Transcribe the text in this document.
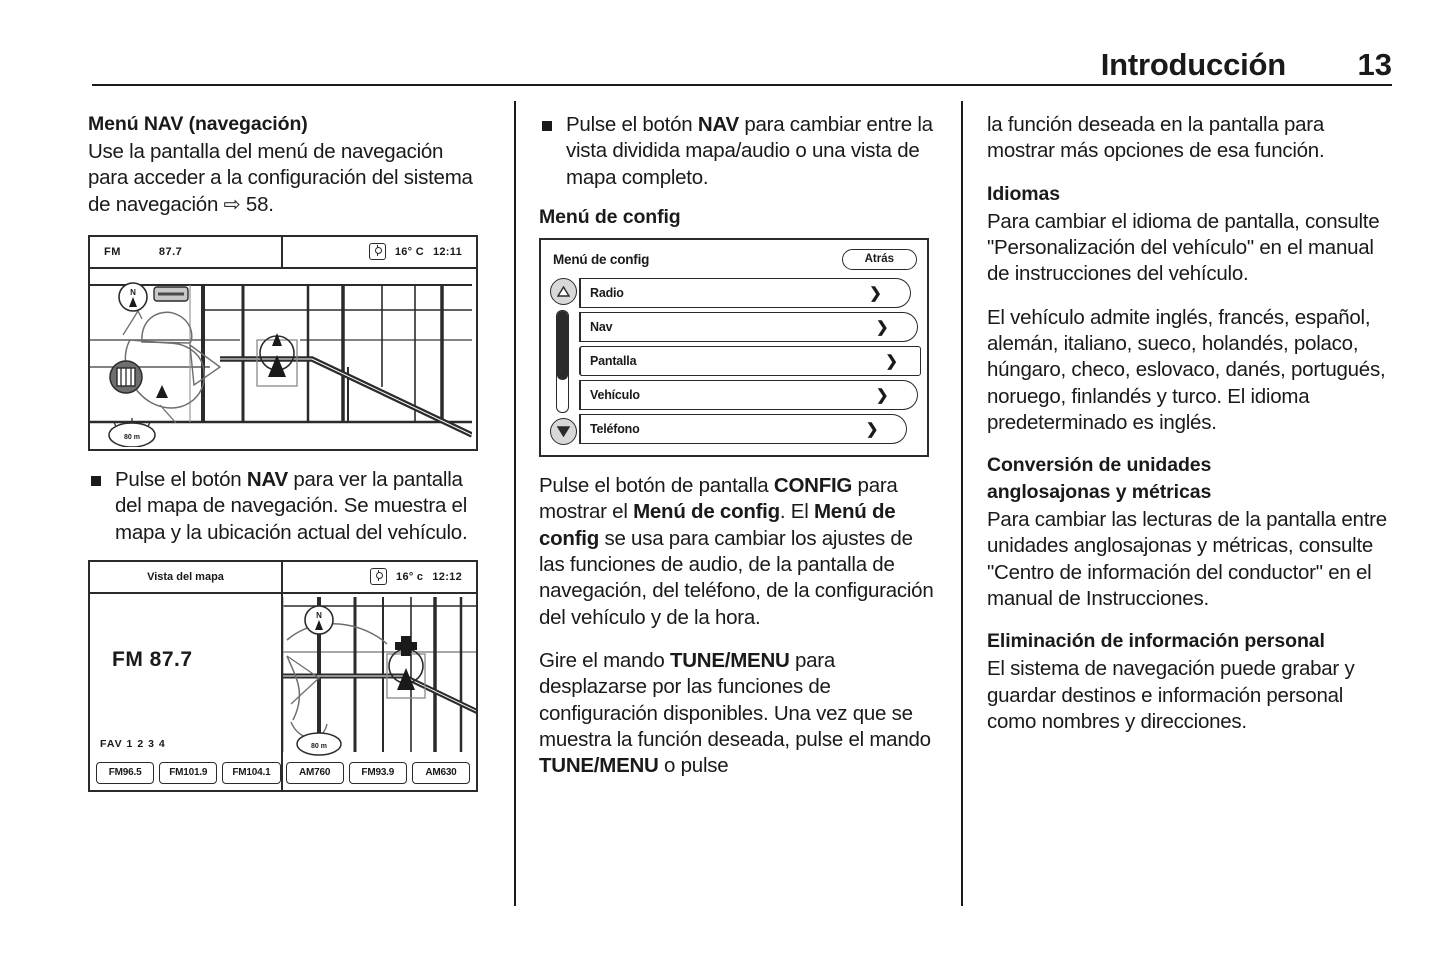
Introducción	13
Menú NAV (navegación)

Use la pantalla del menú de navegación para acceder a la configuración del sistema de navegación ⇨ 58.

FM	87.7	16° C 12:11
N
80 m
Pulse el botón NAV para ver la pantalla del mapa de navegación. Se muestra el mapa y la ubicación actual del vehículo.
Vista del mapa	16° c 12:12
FM 87.7
FAV 1 2 3 4
N
80 m
FM96.5	FM101.9	FM104.1	AM760	FM93.9	AM630
Pulse el botón NAV para cambiar entre la vista dividida mapa/audio o una vista de mapa completo.
Menú de config
Menú de config	Atrás
Radio	❯
Nav	❯
Pantalla	❯
Vehículo	❯
Teléfono	❯

Pulse el botón de pantalla CONFIG para mostrar el Menú de config. El Menú de config se usa para cambiar los ajustes de las funciones de audio, de la pantalla de navegación, del teléfono, de la configuración del vehículo y de la hora.

Gire el mando TUNE/MENU para desplazarse por las funciones de configuración disponibles. Una vez que se muestra la función deseada, pulse el mando TUNE/MENU o pulse

la función deseada en la pantalla para mostrar más opciones de esa función.

Idiomas

Para cambiar el idioma de pantalla, consulte "Personalización del vehículo" en el manual de instrucciones del vehículo.

El vehículo admite inglés, francés, español, alemán, italiano, sueco, holandés, polaco, húngaro, checo, eslovaco, danés, portugués, noruego, finlandés y turco. El idioma predeterminado es inglés.

Conversión de unidades
anglosajonas y métricas

Para cambiar las lecturas de la pantalla entre unidades anglosajonas y métricas, consulte "Centro de información del conductor" en el manual de Instrucciones.

Eliminación de información personal

El sistema de navegación puede grabar y guardar destinos e información personal como nombres y direcciones.
